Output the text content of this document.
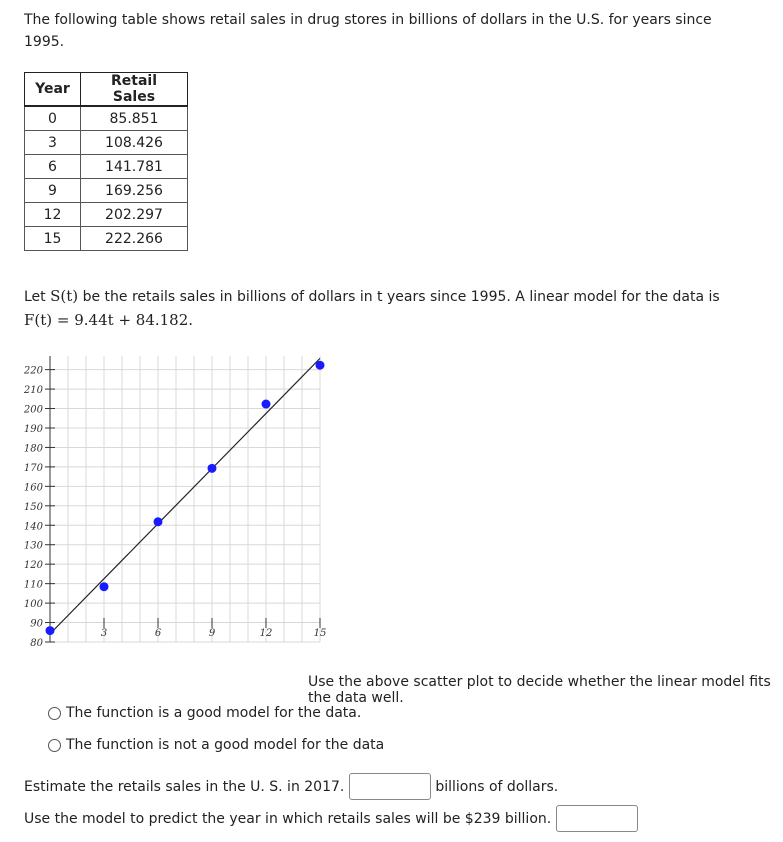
The following table shows retail sales in drug stores in billions of dollars in the U.S. for years since 1995.
Year	Retail Sales
0	85.851
3	108.426
6	141.781
9	169.256
12	202.297
15	222.266
Let S(t) be the retails sales in billions of dollars in t years since 1995. A linear model for the data is
F(t) = 9.44t + 84.182.
80
90
100
110
120
130
140
150
160
170
180
190
200
210
220
3	6	9	12	15
Use the above scatter plot to decide whether the linear model fits the data well.
The function is a good model for the data.
The function is not a good model for the data
Estimate the retails sales in the U. S. in 2017.	billions of dollars.
Use the model to predict the year in which retails sales will be $239 billion.
